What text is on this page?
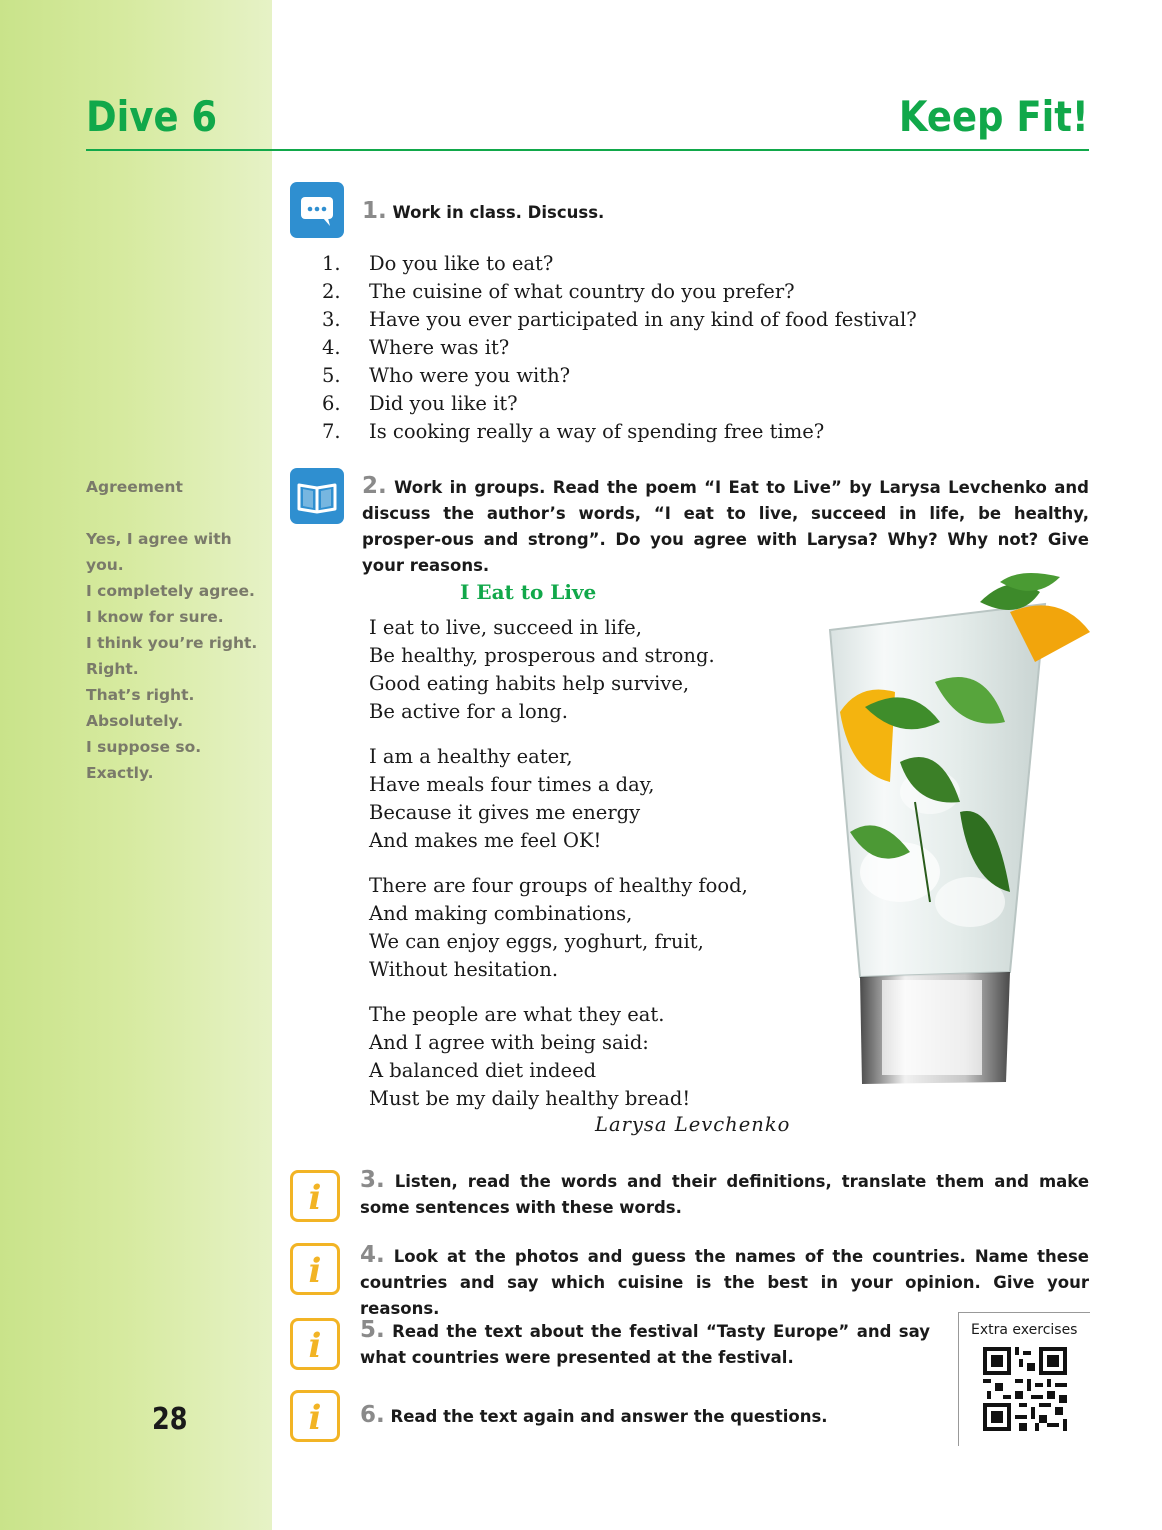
Dive 6	Keep Fit!
Agreement
Yes, I agree with
you.
I completely agree.
I know for sure.
I think you’re right.
Right.
That’s right.
Absolutely.
I suppose so.
Exactly.
28
1. Work in class. Discuss.
1.	Do you like to eat?
2.	The cuisine of what country do you prefer?
3.	Have you ever participated in any kind of food festival?
4.	Where was it?
5.	Who were you with?
6.	Did you like it?
7.	Is cooking really a way of spending free time?
2. Work in groups. Read the poem “I Eat to Live” by Larysa Levchenko and discuss the author’s words, “I eat to live, succeed in life, be healthy, prosper-ous and strong”. Do you agree with Larysa? Why? Why not? Give your reasons.
I Eat to Live
I eat to live, succeed in life,
Be healthy, prosperous and strong.
Good eating habits help survive,
Be active for a long.
I am a healthy eater,
Have meals four times a day,
Because it gives me energy
And makes me feel OK!
There are four groups of healthy food,
And making combinations,
We can enjoy eggs, yoghurt, fruit,
Without hesitation.
The people are what they eat.
And I agree with being said:
A balanced diet indeed
Must be my daily healthy bread!
Larysa Levchenko
i	3. Listen, read the words and their definitions, translate them and make some sentences with these words.
i	4. Look at the photos and guess the names of the countries. Name these countries and say which cuisine is the best in your opinion. Give your reasons.
i	5. Read the text about the festival “Tasty Europe” and say what countries were presented at the festival.
i	6. Read the text again and answer the questions.
Extra exercises
